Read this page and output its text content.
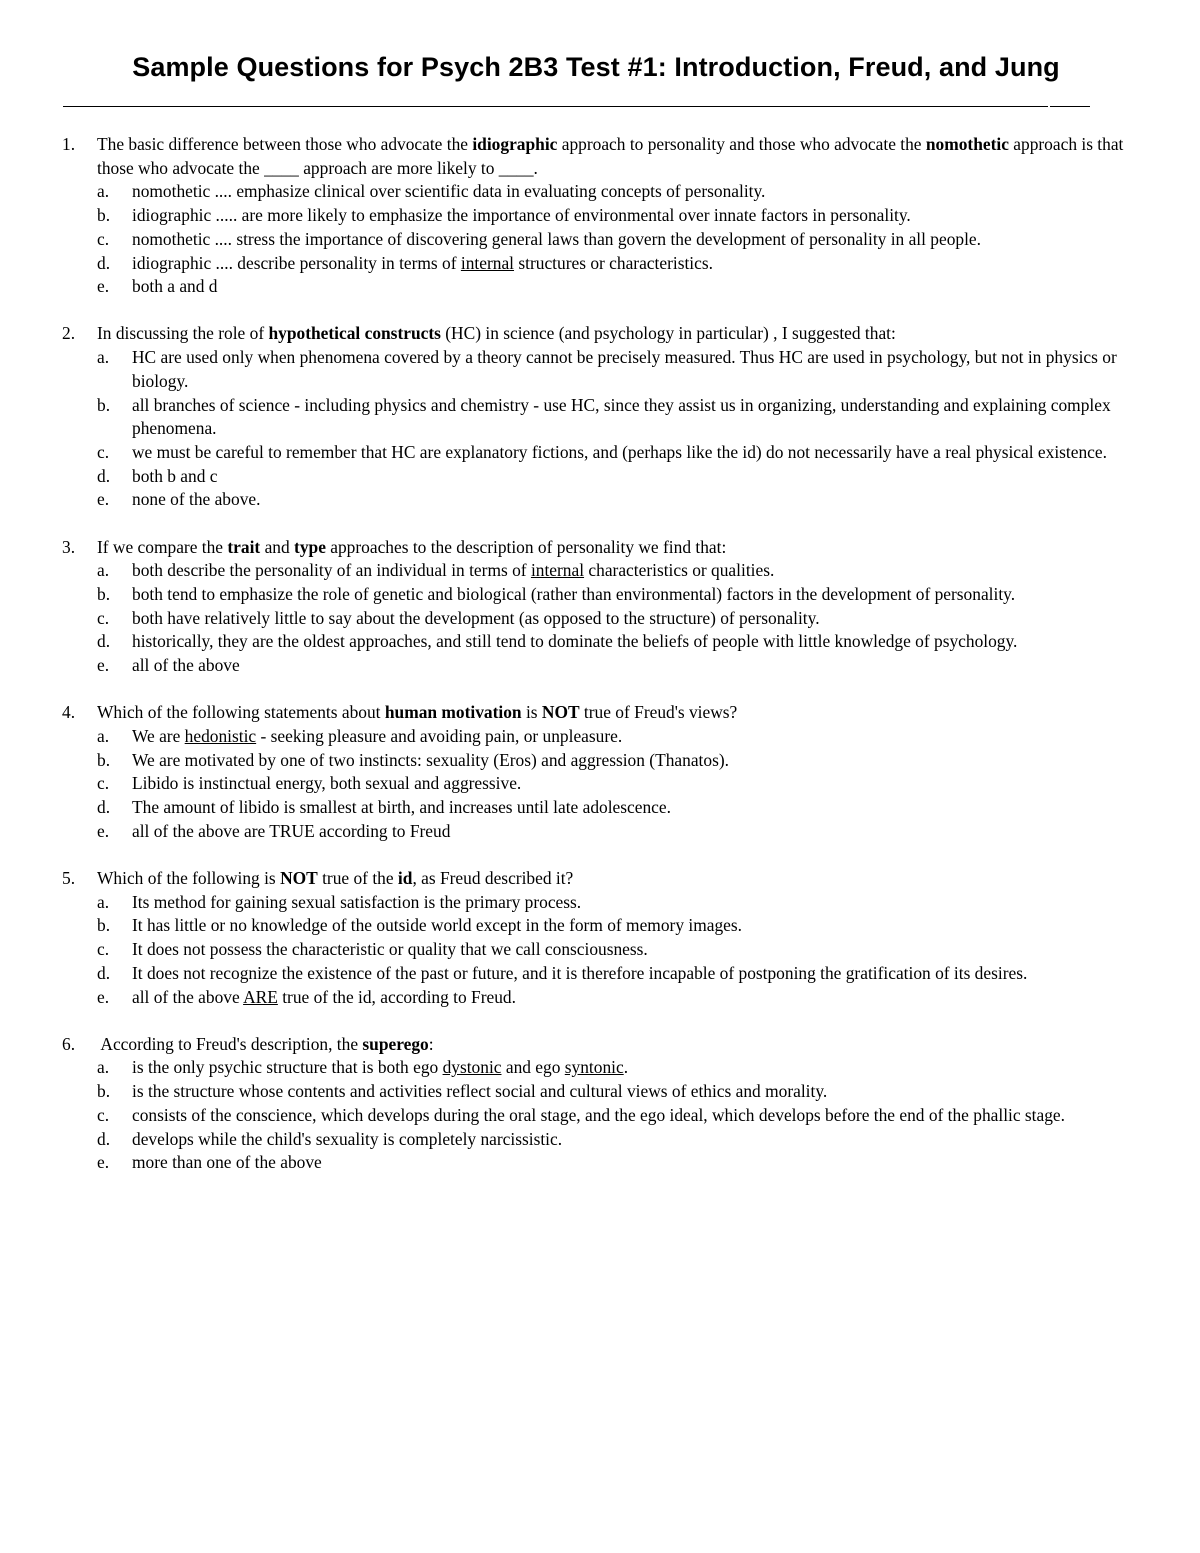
Sample Questions for Psych 2B3 Test #1: Introduction, Freud, and Jung
1.	The basic difference between those who advocate the idiographic approach to personality and those who advocate the nomothetic approach is that those who advocate the ____ approach are more likely to ____.
a.	nomothetic .... emphasize clinical over scientific data in evaluating concepts of personality.
b.	idiographic ..... are more likely to emphasize the importance of environmental over innate factors in personality.
c.	nomothetic .... stress the importance of discovering general laws than govern the development of personality in all people.
d.	idiographic .... describe personality in terms of internal structures or characteristics.
e.	both a and d
2.	In discussing the role of hypothetical constructs (HC) in science (and psychology in particular) , I suggested that:
a.	HC are used only when phenomena covered by a theory cannot be precisely measured. Thus HC are used in psychology, but not in physics or biology.
b.	all branches of science - including physics and chemistry - use HC, since they assist us in organizing, understanding and explaining complex phenomena.
c.	we must be careful to remember that HC are explanatory fictions, and (perhaps like the id) do not necessarily have a real physical existence.
d.	both b and c
e.	none of the above.
3.	If we compare the trait and type approaches to the description of personality we find that:
a.	both describe the personality of an individual in terms of internal characteristics or qualities.
b.	both tend to emphasize the role of genetic and biological (rather than environmental) factors in the development of personality.
c.	both have relatively little to say about the development (as opposed to the structure) of personality.
d.	historically, they are the oldest approaches, and still tend to dominate the beliefs of people with little knowledge of psychology.
e.	all of the above
4.	Which of the following statements about human motivation is NOT true of Freud's views?
a.	We are hedonistic - seeking pleasure and avoiding pain, or unpleasure.
b.	We are motivated by one of two instincts: sexuality (Eros) and aggression (Thanatos).
c.	Libido is instinctual energy, both sexual and aggressive.
d.	The amount of libido is smallest at birth, and increases until late adolescence.
e.	all of the above are TRUE according to Freud
5.	Which of the following is NOT true of the id, as Freud described it?
a.	Its method for gaining sexual satisfaction is the primary process.
b.	It has little or no knowledge of the outside world except in the form of memory images.
c.	It does not possess the characteristic or quality that we call consciousness.
d.	It does not recognize the existence of the past or future, and it is therefore incapable of postponing the gratification of its desires.
e.	all of the above ARE true of the id, according to Freud.
6.	According to Freud's description, the superego:
a.	is the only psychic structure that is both ego dystonic and ego syntonic.
b.	is the structure whose contents and activities reflect social and cultural views of ethics and morality.
c.	consists of the conscience, which develops during the oral stage, and the ego ideal, which develops before the end of the phallic stage.
d.	develops while the child's sexuality is completely narcissistic.
e.	more than one of the above
